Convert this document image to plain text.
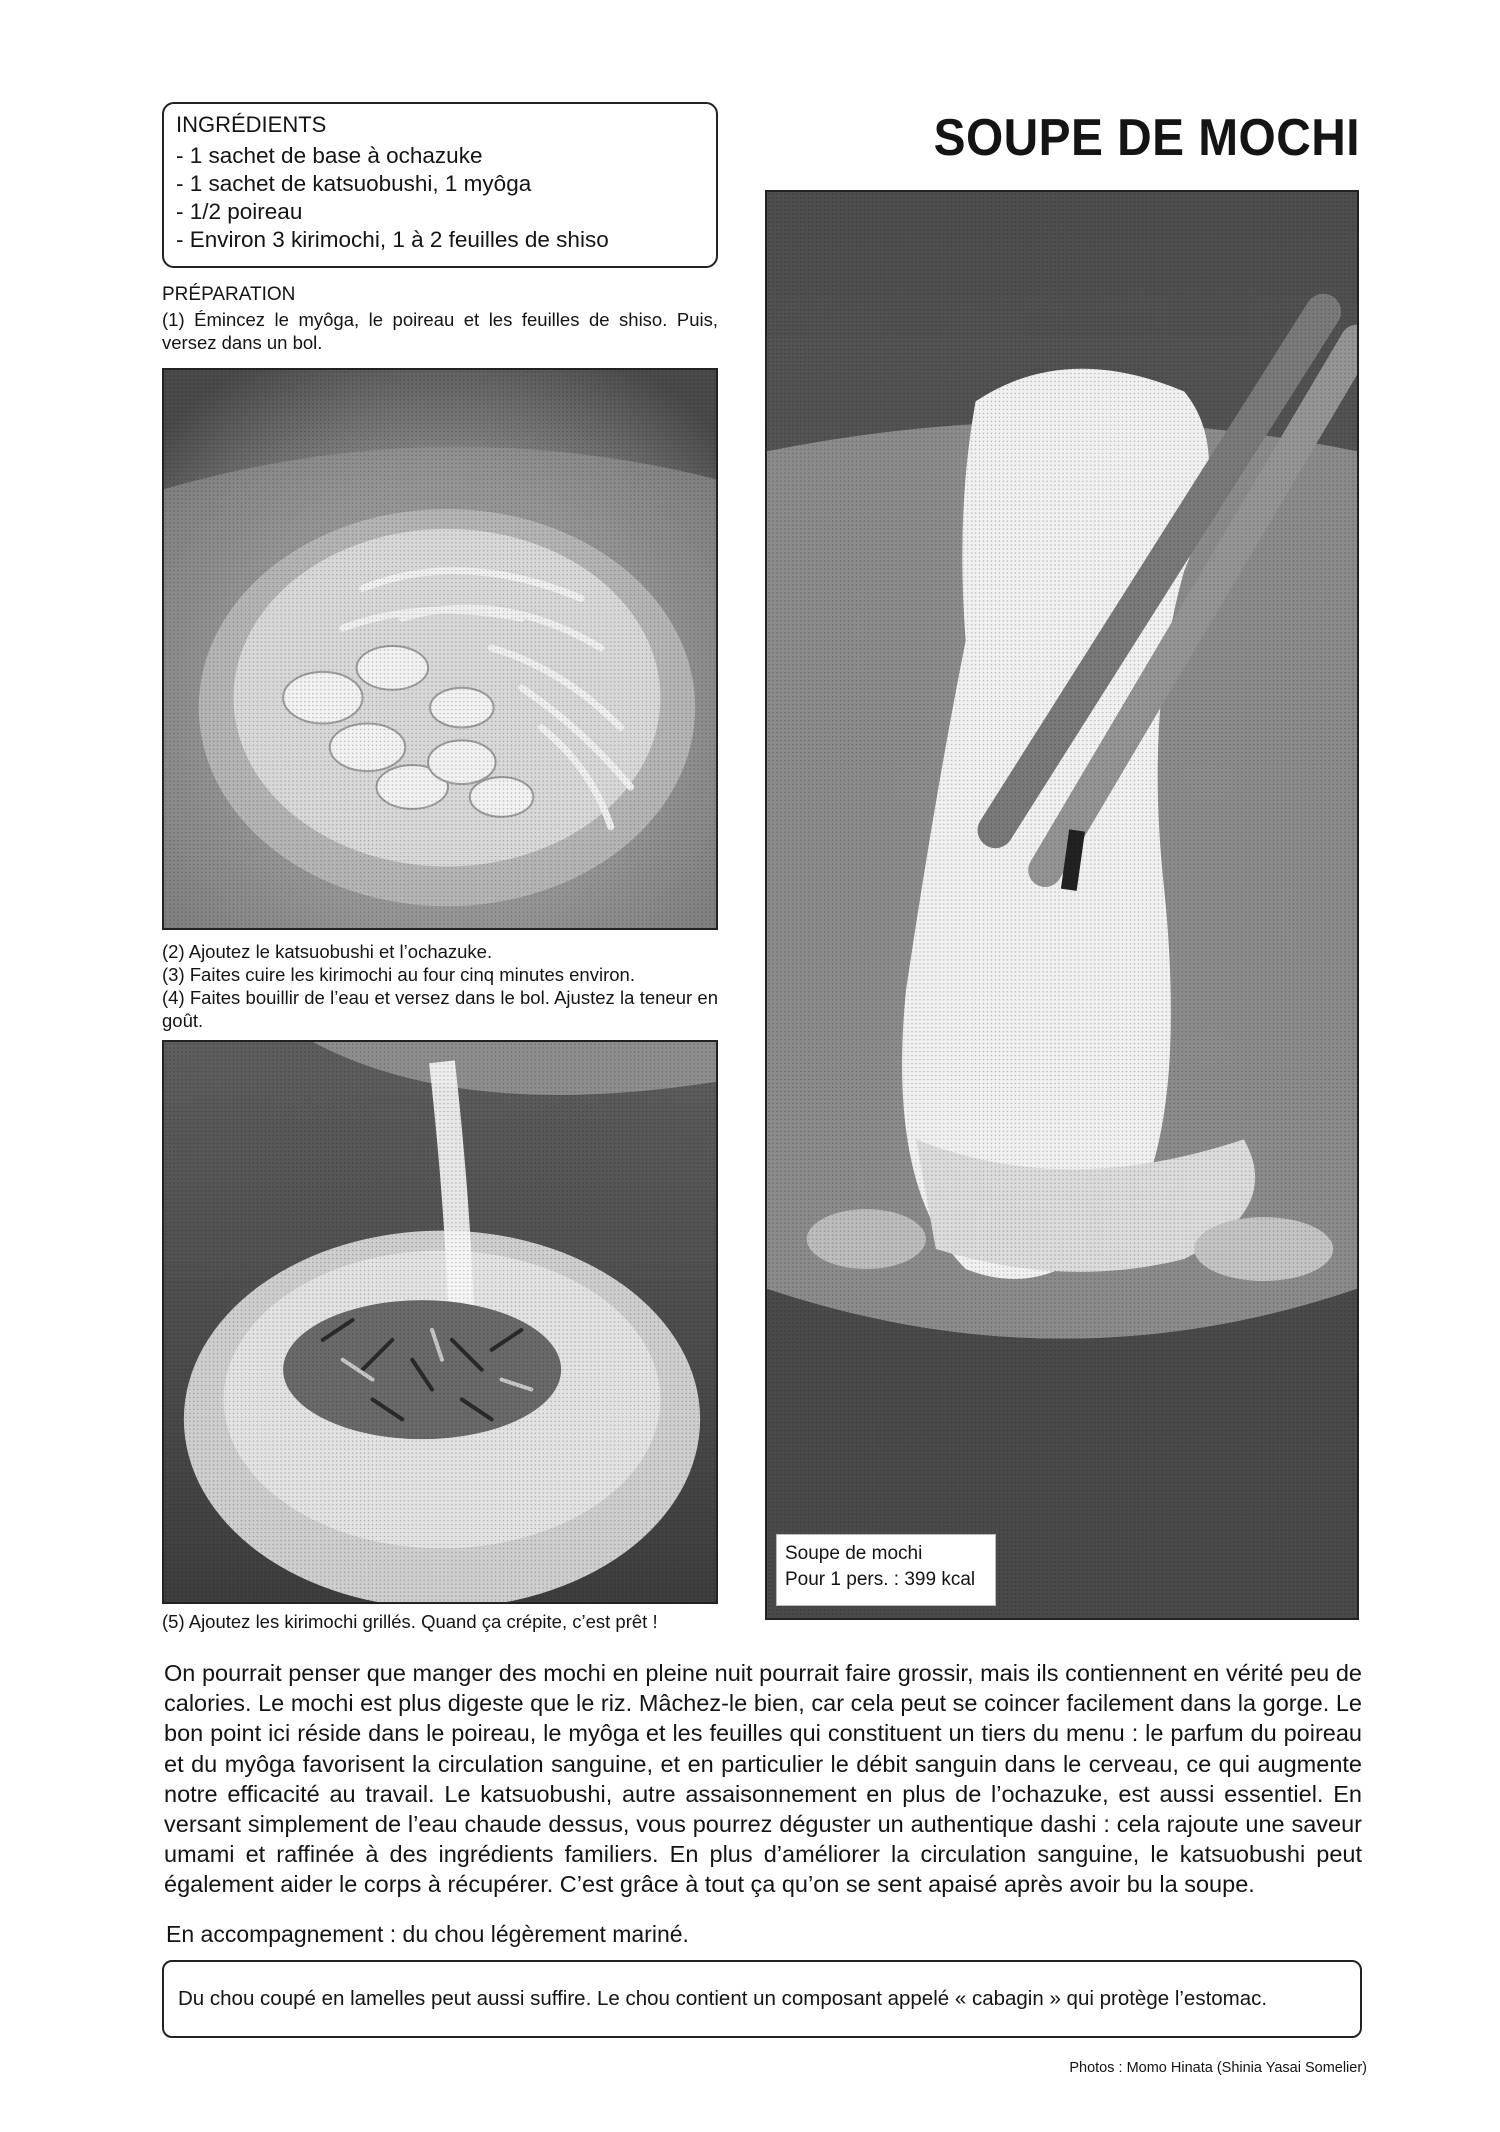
INGRÉDIENTS
- 1 sachet de base à ochazuke
- 1 sachet de katsuobushi, 1 myôga
- 1/2 poireau
- Environ 3 kirimochi, 1 à 2 feuilles de shiso
SOUPE DE MOCHI
PRÉPARATION
(1) Émincez le myôga, le poireau et les feuilles de shiso. Puis, versez dans un bol.
(2) Ajoutez le katsuobushi et l’ochazuke.
(3) Faites cuire les kirimochi au four cinq minutes environ.
(4) Faites bouillir de l’eau et versez dans le bol. Ajustez la teneur en goût.
(5) Ajoutez les kirimochi grillés. Quand ça crépite, c’est prêt !
Soupe de mochi
Pour 1 pers. : 399 kcal
On pourrait penser que manger des mochi en pleine nuit pourrait faire grossir, mais ils contiennent en vérité peu de calories. Le mochi est plus digeste que le riz. Mâchez-le bien, car cela peut se coincer facilement dans la gorge. Le bon point ici réside dans le poireau, le myôga et les feuilles qui constituent un tiers du menu : le parfum du poireau et du myôga favorisent la circulation sanguine, et en particulier le débit sanguin dans le cerveau, ce qui augmente notre efficacité au travail. Le katsuobushi, autre assaisonnement en plus de l’ochazuke, est aussi essentiel. En versant simplement de l’eau chaude dessus, vous pourrez déguster un authentique dashi : cela rajoute une saveur umami et raffinée à des ingrédients familiers. En plus d’améliorer la circulation sanguine, le katsuobushi peut également aider le corps à récupérer. C’est grâce à tout ça qu’on se sent apaisé après avoir bu la soupe.
En accompagnement : du chou légèrement mariné.
Du chou coupé en lamelles peut aussi suffire. Le chou contient un composant appelé « cabagin » qui protège l’estomac.
Photos : Momo Hinata (Shinia Yasai Somelier)
